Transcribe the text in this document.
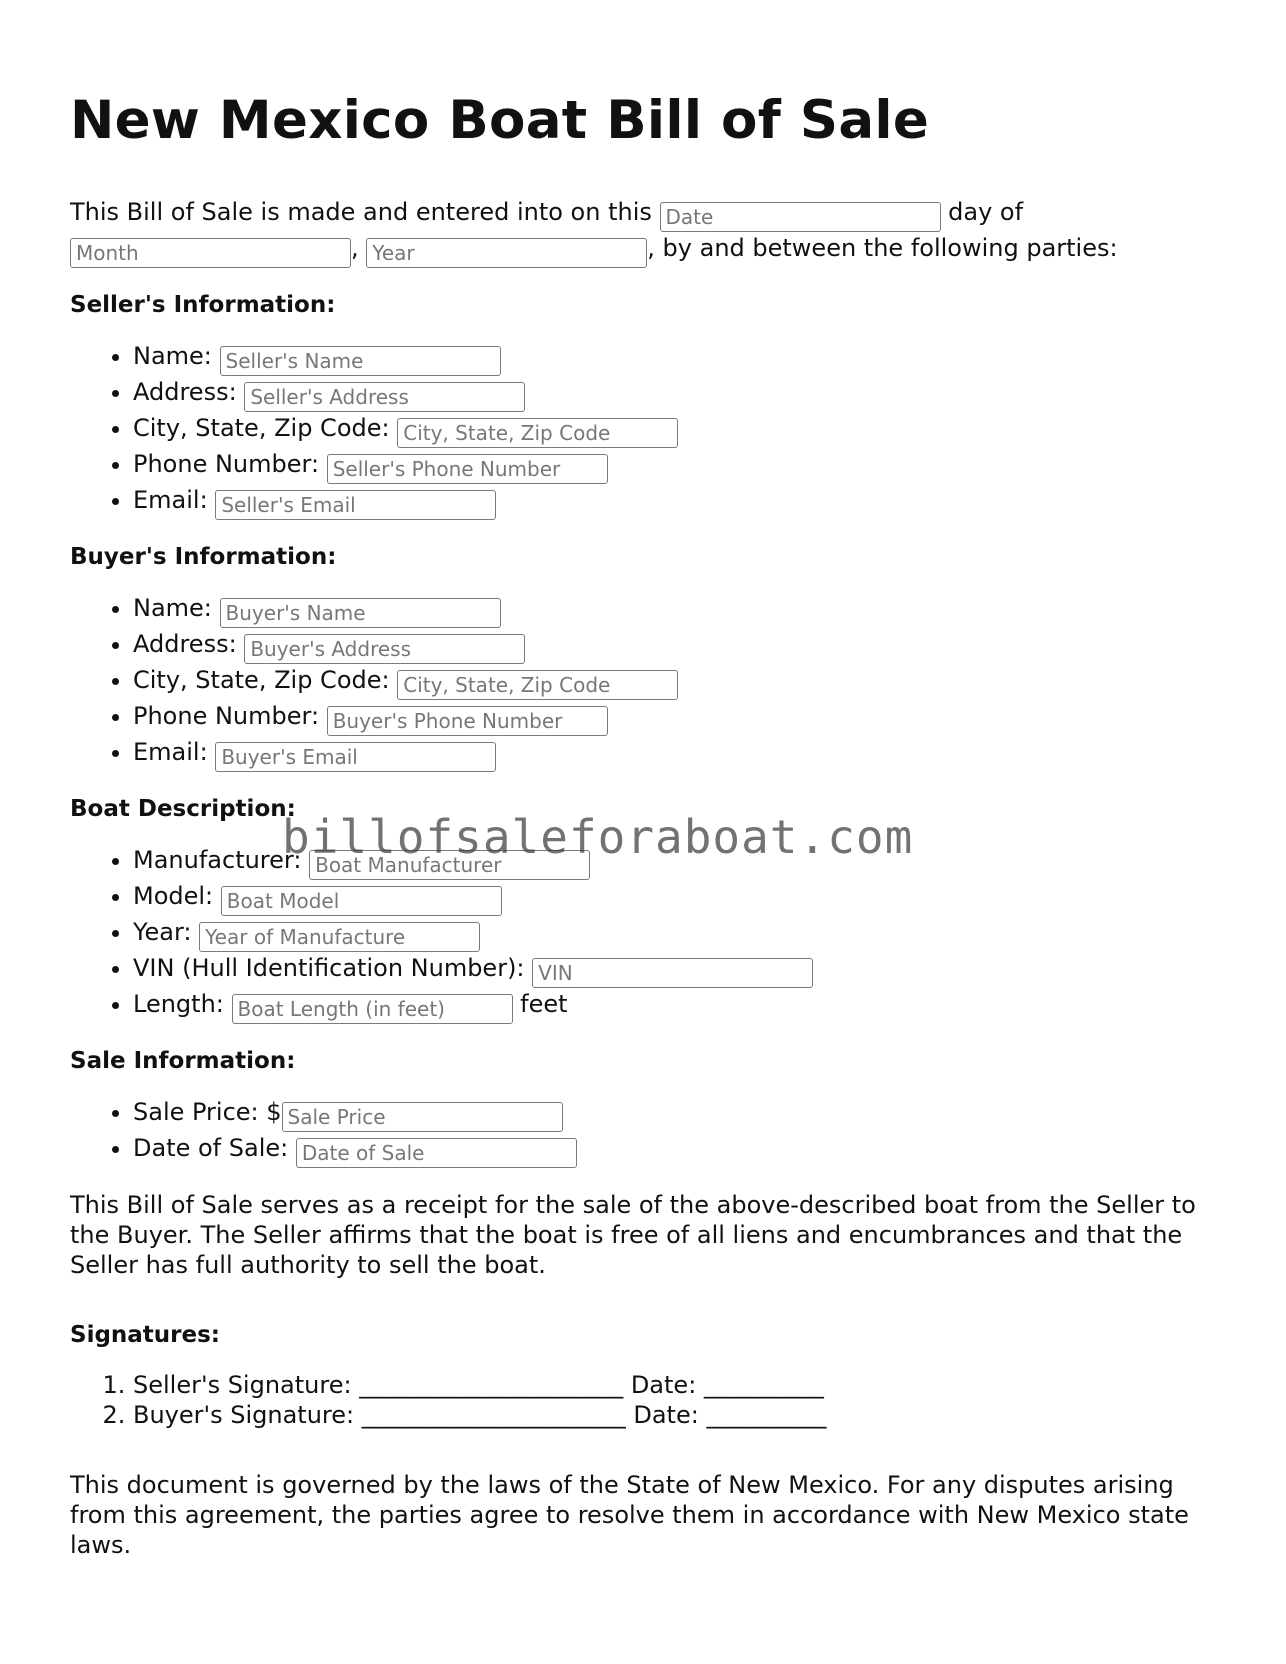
New Mexico Boat Bill of Sale

This Bill of Sale is made and entered into on this Date	day of
Month, Year	, by and between the following parties:

Seller's Information:
• Name: Seller's Name
• Address: Seller's Address
• City, State, Zip Code: City, State, Zip Code
• Phone Number: Seller's Phone Number
• Email: Seller's Email
Buyer's Information:
• Name: Buyer's Name
• Address: Buyer's Address
• City, State, Zip Code: City, State, Zip Code
• Phone Number: Buyer's Phone Number
• Email: Buyer's Email
Boat Description:
• Manufacturer: Boat Manufacturer
• Model: Boat Model
• Year: Year of Manufacture
• VIN (Hull Identification Number): VIN
• Length: Boat Length (in feet)	feet
Sale Information:
• Sale Price: $Sale Price
• Date of Sale: Date of Sale

This Bill of Sale serves as a receipt for the sale of the above-described boat from the Seller to the Buyer. The Seller affirms that the boat is free of all liens and encumbrances and that the Seller has full authority to sell the boat.

Signatures:
1. Seller's Signature: ______________________ Date: __________
2. Buyer's Signature: ______________________ Date: __________

This document is governed by the laws of the State of New Mexico. For any disputes arising from this agreement, the parties agree to resolve them in accordance with New Mexico state laws.

billofsaleforaboat.com
